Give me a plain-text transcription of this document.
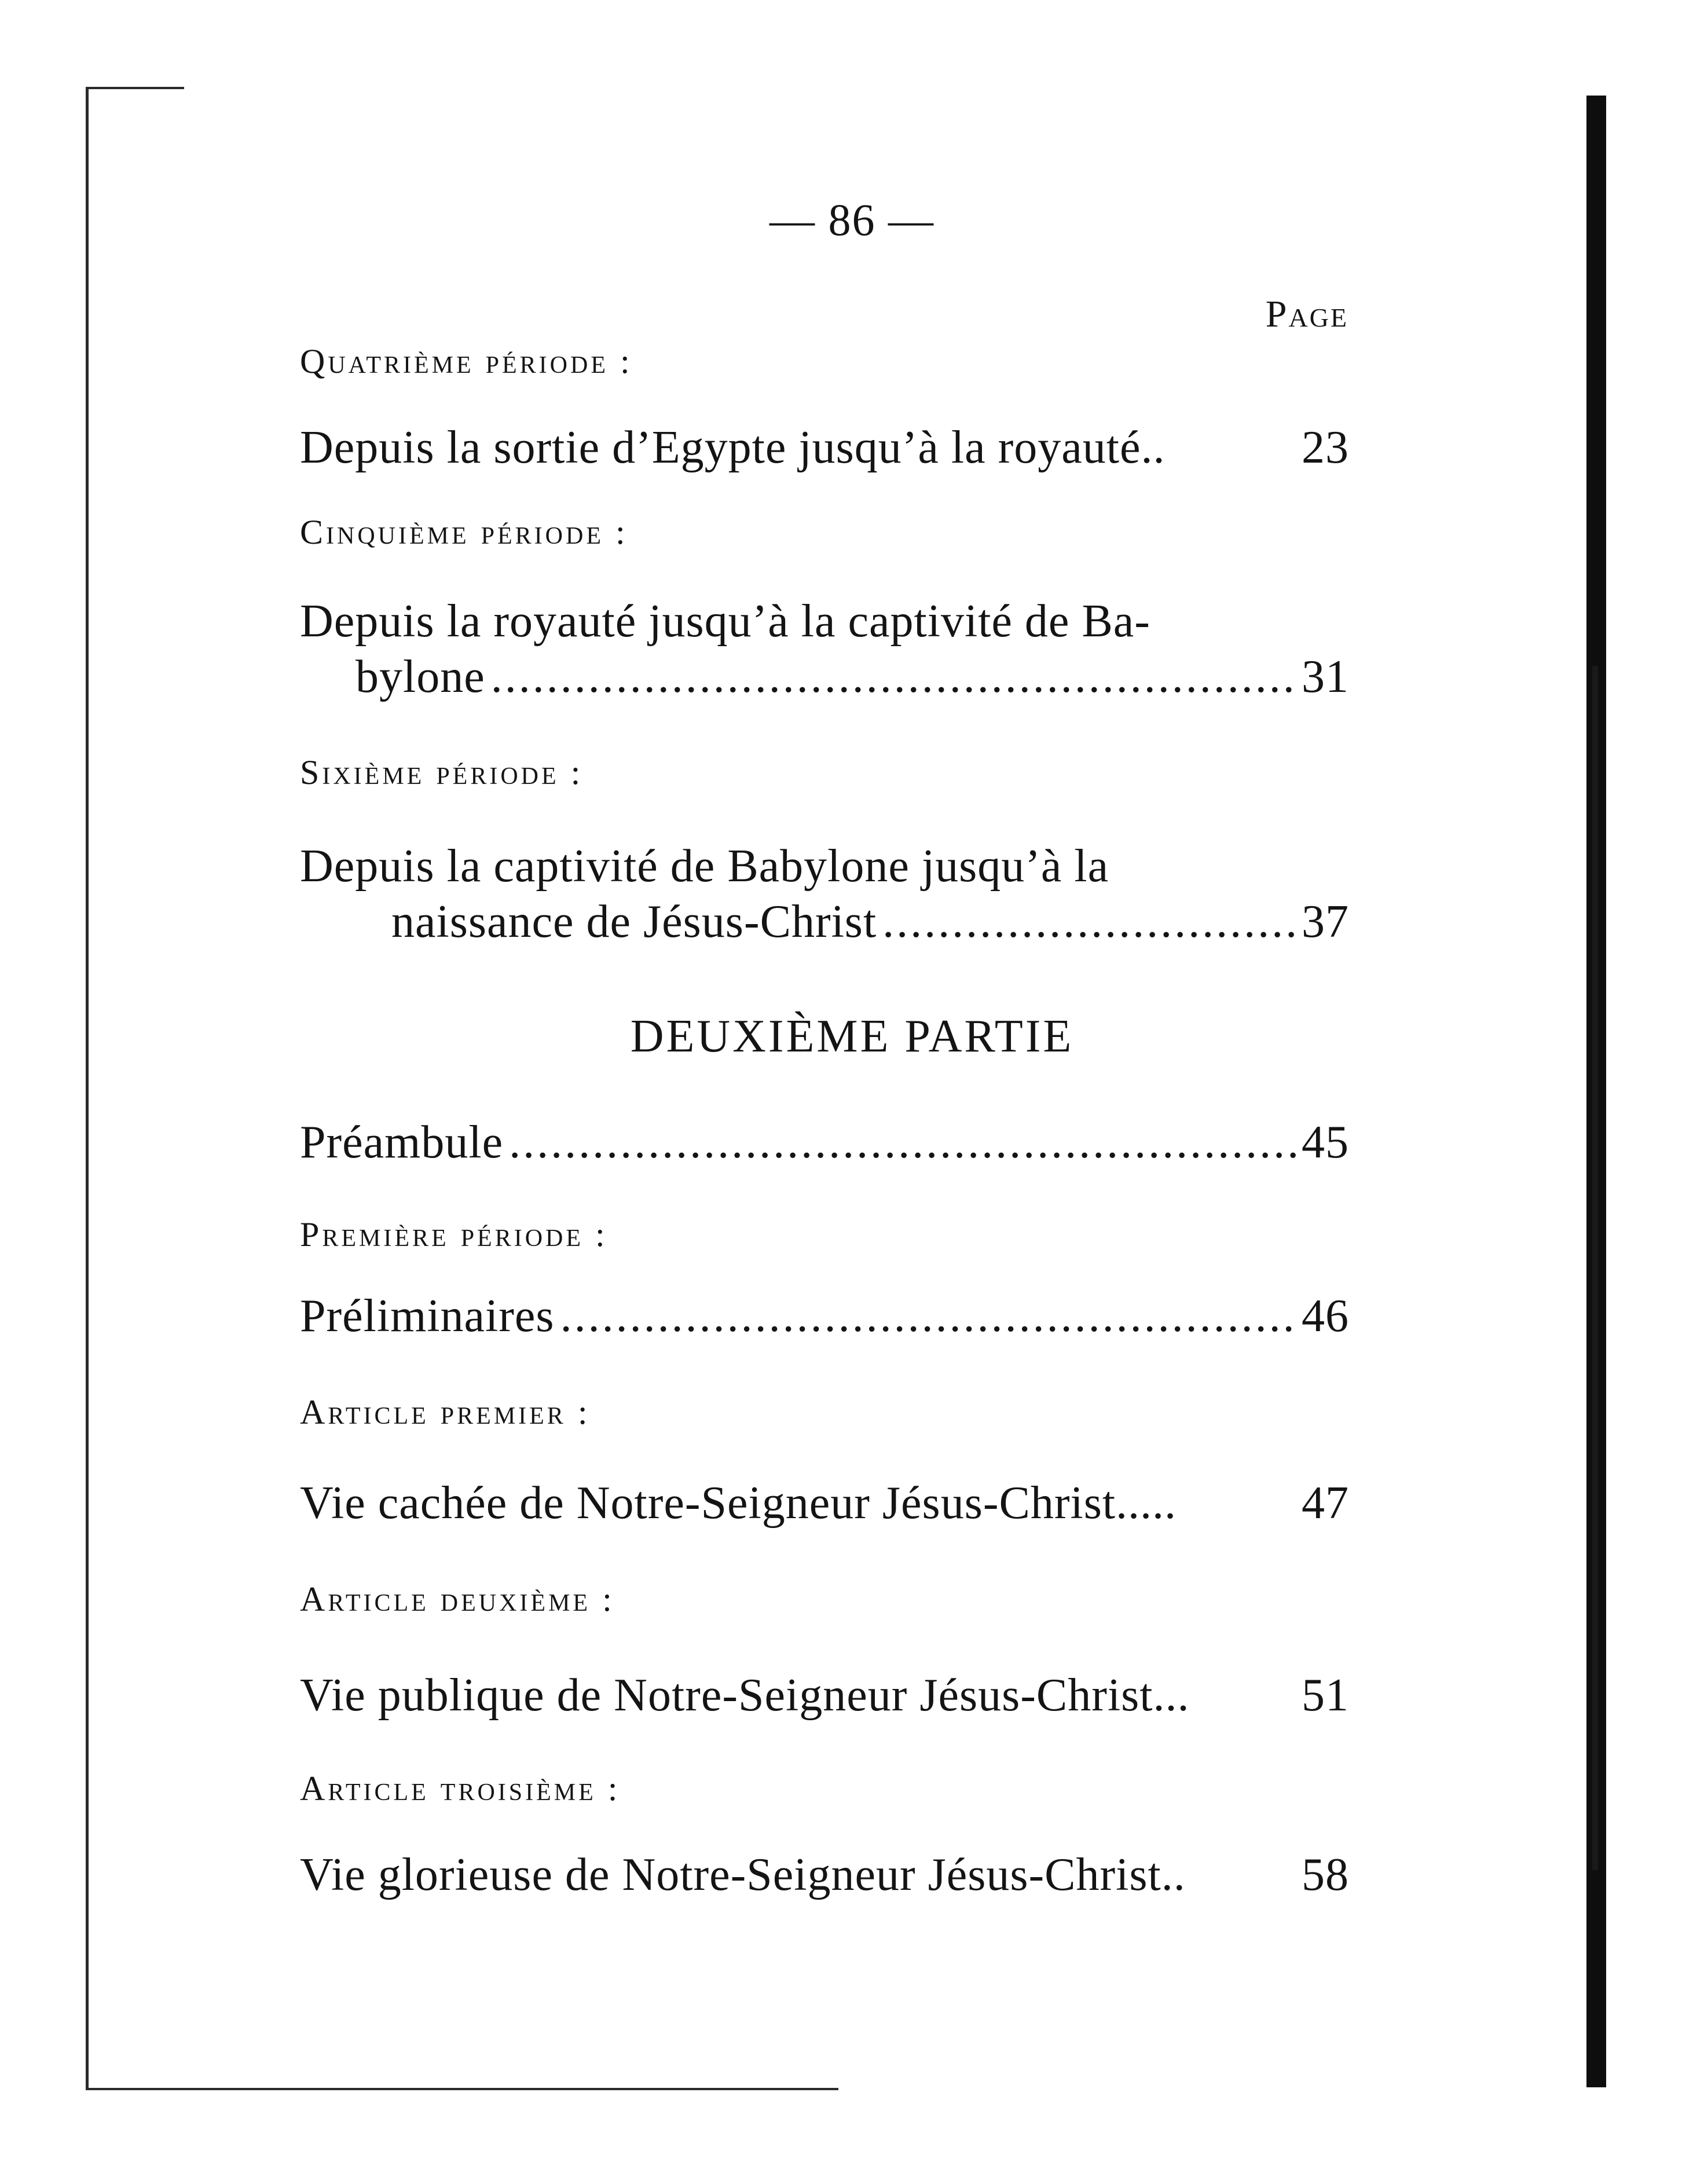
— 86 —
Page
Quatrième période :
Depuis la sortie d’Egypte jusqu’à la royauté..	23
Cinquième période :
Depuis la royauté jusqu’à la captivité de Ba-
bylone .....	31
Sixième période :
Depuis la captivité de Babylone jusqu’à la
naissance de Jésus-Christ .....	37
DEUXIÈME PARTIE
Préambule .....	45
Première période :
Préliminaires .....	46
Article premier :
Vie cachée de Notre-Seigneur Jésus-Christ.....	47
Article deuxième :
Vie publique de Notre-Seigneur Jésus-Christ... 51
Article troisième :
Vie glorieuse de Notre-Seigneur Jésus-Christ..	58
